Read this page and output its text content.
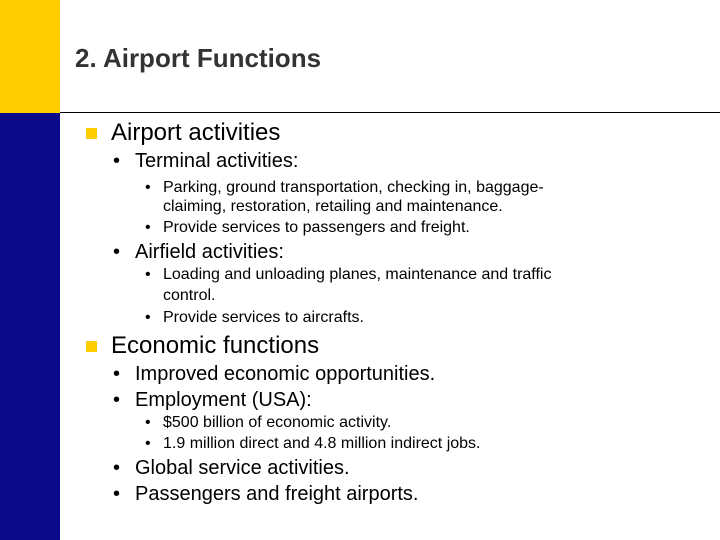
2. Airport Functions
Airport activities
• Terminal activities:
• Parking, ground transportation, checking in, baggage-
claiming, restoration, retailing and maintenance.
• Provide services to passengers and freight.
• Airfield activities:
• Loading and unloading planes, maintenance and traffic
control.
• Provide services to aircrafts.
Economic functions
• Improved economic opportunities.
• Employment (USA):
• $500 billion of economic activity.
• 1.9 million direct and 4.8 million indirect jobs.
• Global service activities.
• Passengers and freight airports.
